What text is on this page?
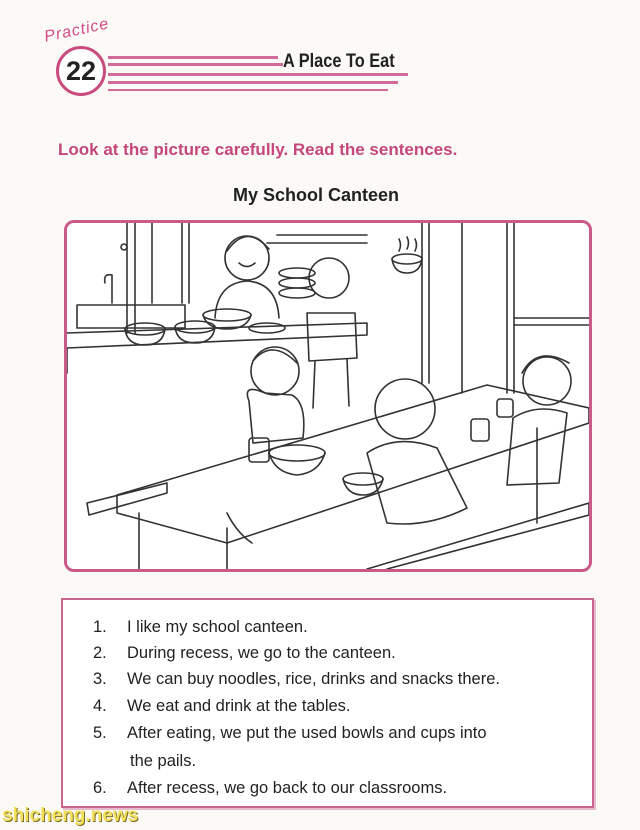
Practice
22	A Place To Eat
Look at the picture carefully. Read the sentences.
My School Canteen
1. I like my school canteen.
2. During recess, we go to the canteen.
3. We can buy noodles, rice, drinks and snacks there.
4. We eat and drink at the tables.
5. After eating, we put the used bowls and cups into
the pails.
6. After recess, we go back to our classrooms.
shicheng.news
